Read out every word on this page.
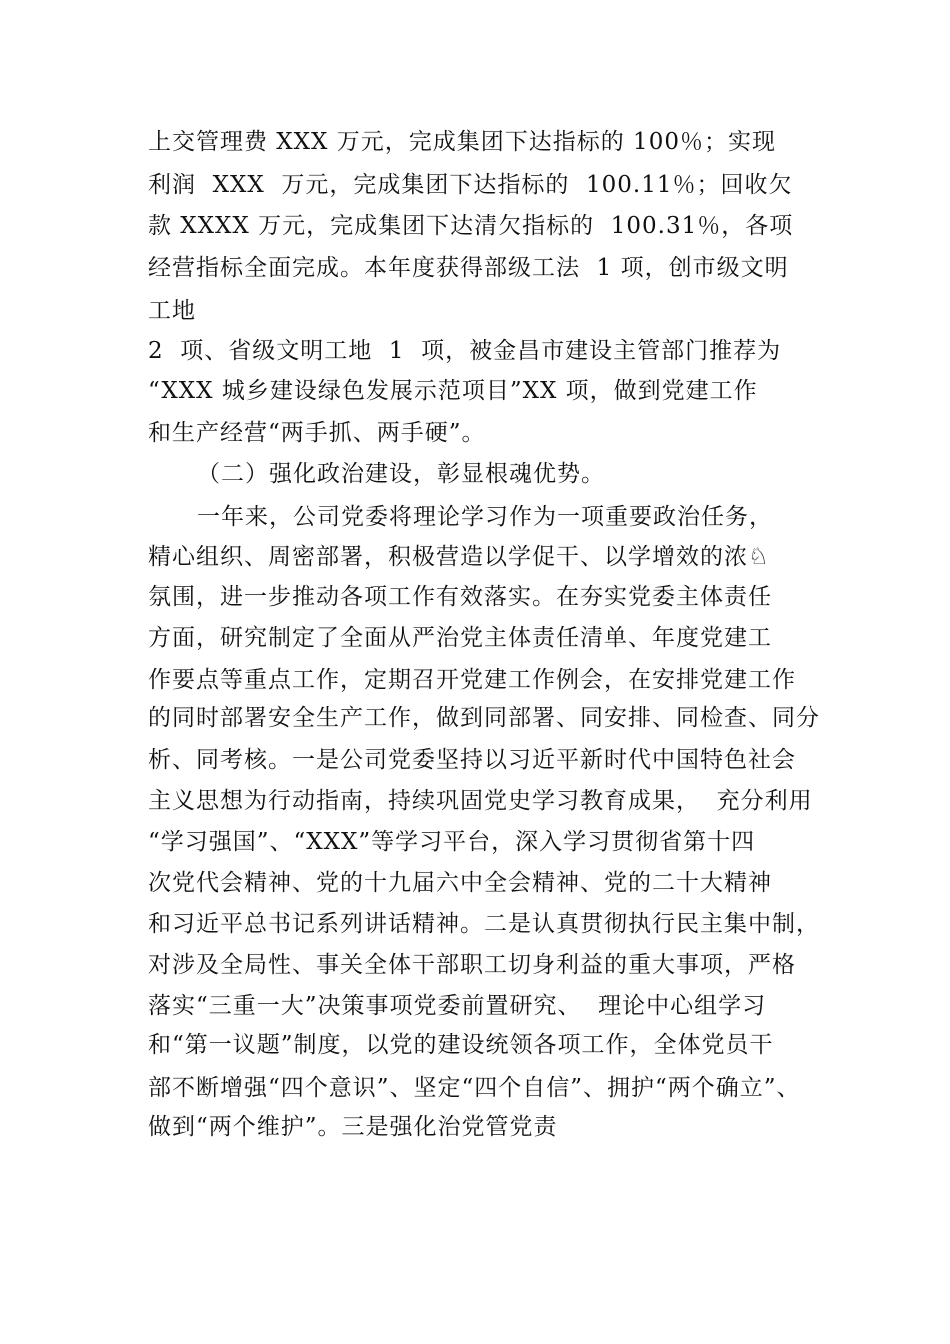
上交管理费 XXX 万元，完成集团下达指标的 100％；实现
利润  XXX  万元，完成集团下达指标的  100.11％；回收欠
款 XXXX 万元，完成集团下达清欠指标的  100.31％，各项
经营指标全面完成。本年度获得部级工法  1 项，创市级文明
工地
2  项、省级文明工地  1  项，被金昌市建设主管部门推荐为
“XXX 城乡建设绿色发展示范项目”XX 项，做到党建工作
和生产经营“两手抓、两手硬”。
（二）强化政治建设，彰显根魂优势。
一年来，公司党委将理论学习作为一项重要政治任务，
精心组织、周密部署，积极营造以学促干、以学增效的浓♘
氛围，进一步推动各项工作有效落实。在夯实党委主体责任
方面，研究制定了全面从严治党主体责任清单、年度党建工
作要点等重点工作，定期召开党建工作例会，在安排党建工作
的同时部署安全生产工作，做到同部署、同安排、同检查、同分
析、同考核。一是公司党委坚持以习近平新时代中国特色社会
主义思想为行动指南，持续巩固党史学习教育成果，  充分利用
“学习强国”、“XXX”等学习平台，深入学习贯彻省第十四
次党代会精神、党的十九届六中全会精神、党的二十大精神
和习近平总书记系列讲话精神。二是认真贯彻执行民主集中制，
对涉及全局性、事关全体干部职工切身利益的重大事项，严格
落实“三重一大”决策事项党委前置研究、  理论中心组学习
和“第一议题”制度，以党的建设统领各项工作，全体党员干
部不断增强“四个意识”、坚定“四个自信”、拥护“两个确立”、
做到“两个维护”。三是强化治党管党责
